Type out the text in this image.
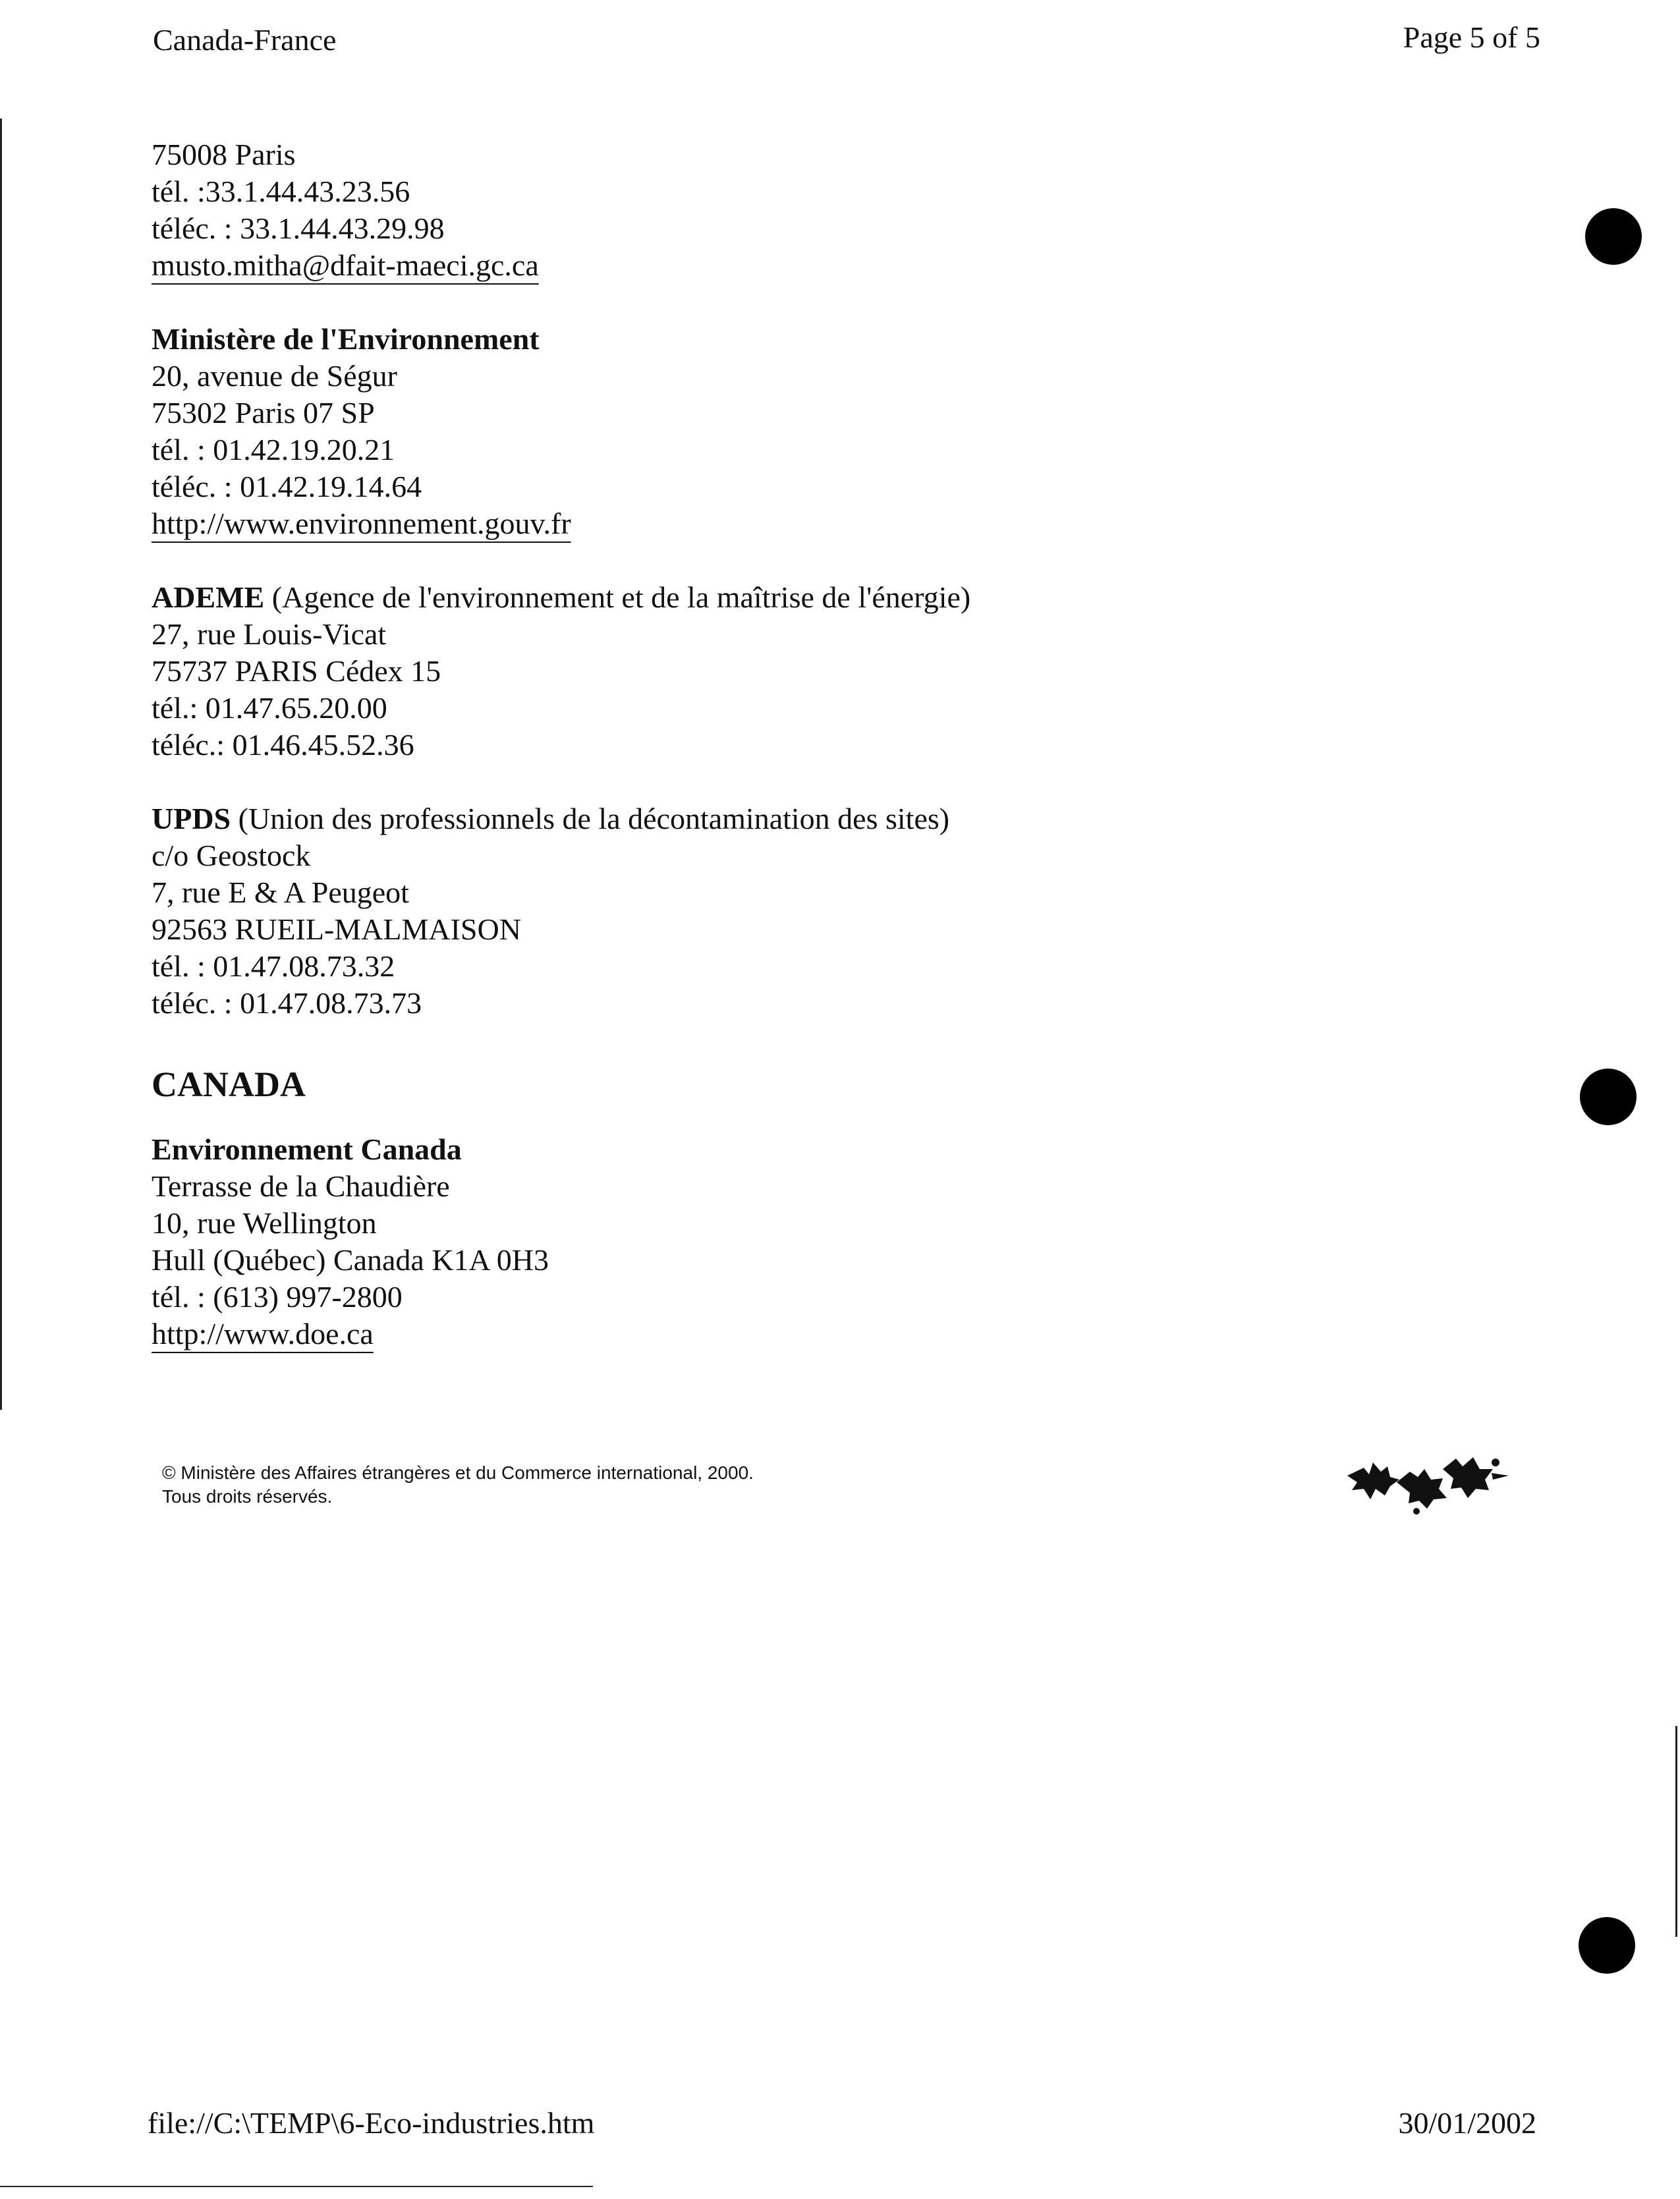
Canada-France	Page 5 of 5
75008 Paris
tél. :33.1.44.43.23.56
téléc. : 33.1.44.43.29.98
musto.mitha@dfait-maeci.gc.ca
Ministère de l'Environnement
20, avenue de Ségur
75302 Paris 07 SP
tél. : 01.42.19.20.21
téléc. : 01.42.19.14.64
http://www.environnement.gouv.fr
ADEME (Agence de l'environnement et de la maîtrise de l'énergie)
27, rue Louis-Vicat
75737 PARIS Cédex 15
tél.: 01.47.65.20.00
téléc.: 01.46.45.52.36
UPDS (Union des professionnels de la décontamination des sites)
c/o Geostock
7, rue E & A Peugeot
92563 RUEIL-MALMAISON
tél. : 01.47.08.73.32
téléc. : 01.47.08.73.73
CANADA
Environnement Canada
Terrasse de la Chaudière
10, rue Wellington
Hull (Québec) Canada K1A 0H3
tél. : (613) 997-2800
http://www.doe.ca
© Ministère des Affaires étrangères et du Commerce international, 2000.
Tous droits réservés.
file://C:\TEMP\6-Eco-industries.htm	30/01/2002
